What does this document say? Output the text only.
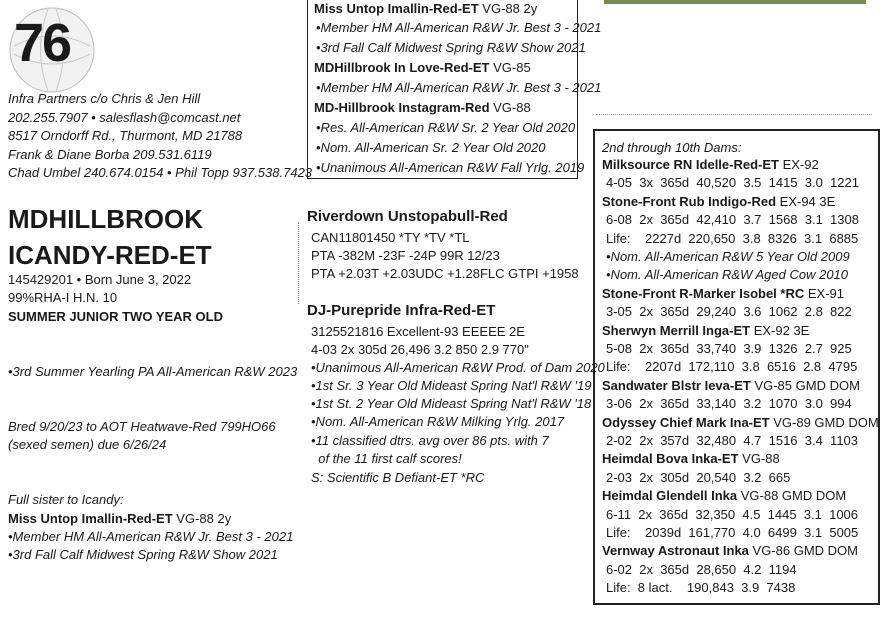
76
Infra Partners c/o Chris & Jen Hill
202.255.7907 • salesflash@comcast.net
8517 Orndorff Rd., Thurmont, MD 21788
Frank & Diane Borba 209.531.6119
Chad Umbel 240.674.0154 • Phil Topp 937.538.7423
MDHILLBROOK
ICANDY-RED-ET
145429201 • Born June 3, 2022
99%RHA-I H.N. 10
SUMMER JUNIOR TWO YEAR OLD
•3rd Summer Yearling PA All-American R&W 2023
Bred 9/20/23 to AOT Heatwave-Red 799HO66
(sexed semen) due 6/26/24
Full sister to Icandy:
Miss Untop Imallin-Red-ET VG-88 2y
•Member HM All-American R&W Jr. Best 3 - 2021
•3rd Fall Calf Midwest Spring R&W Show 2021
Miss Untop Imallin-Red-ET VG-88 2y
•Member HM All-American R&W Jr. Best 3 - 2021
•3rd Fall Calf Midwest Spring R&W Show 2021
MDHillbrook In Love-Red-ET VG-85
•Member HM All-American R&W Jr. Best 3 - 2021
MD-Hillbrook Instagram-Red VG-88
•Res. All-American R&W Sr. 2 Year Old 2020
•Nom. All-American Sr. 2 Year Old 2020
•Unanimous All-American R&W Fall Yrlg. 2019
Riverdown Unstopabull-Red
CAN11801450 *TY *TV *TL
PTA -382M -23F -24P 99R 12/23
PTA +2.03T +2.03UDC +1.28FLC GTPI +1958
DJ-Purepride Infra-Red-ET
3125521816 Excellent-93 EEEEE 2E
4-03 2x 305d 26,496 3.2 850 2.9 770"
•Unanimous All-American R&W Prod. of Dam 2020
•1st Sr. 3 Year Old Mideast Spring Nat'l R&W '19
•1st St. 2 Year Old Mideast Spring Nat'l R&W '18
•Nom. All-American R&W Milking Yrlg. 2017
•11 classified dtrs. avg over 86 pts. with 7
of the 11 first calf scores!
S: Scientific B Defiant-ET *RC
2nd through 10th Dams:
Milksource RN Idelle-Red-ET EX-92
4-05  3x  365d  40,520  3.5  1415  3.0  1221
Stone-Front Rub Indigo-Red EX-94 3E
6-08  2x  365d  42,410  3.7  1568  3.1  1308
Life:    2227d  220,650  3.8  8326  3.1  6885
•Nom. All-American R&W 5 Year Old 2009
•Nom. All-American R&W Aged Cow 2010
Stone-Front R-Marker Isobel *RC EX-91
3-05  2x  365d  29,240  3.6  1062  2.8  822
Sherwyn Merrill Inga-ET EX-92 3E
5-08  2x  365d  33,740  3.9  1326  2.7  925
Life:    2207d  172,110  3.8  6516  2.8  4795
Sandwater Blstr Ieva-ET VG-85 GMD DOM
3-06  2x  365d  33,140  3.2  1070  3.0  994
Odyssey Chief Mark Ina-ET VG-89 GMD DOM
2-02  2x  357d  32,480  4.7  1516  3.4  1103
Heimdal Bova Inka-ET VG-88
2-03  2x  305d  20,540  3.2  665
Heimdal Glendell Inka VG-88 GMD DOM
6-11  2x  365d  32,350  4.5  1445  3.1  1006
Life:    2039d  161,770  4.0  6499  3.1  5005
Vernway Astronaut Inka VG-86 GMD DOM
6-02  2x  365d  28,650  4.2  1194
Life:  8 lact.    190,843  3.9  7438
